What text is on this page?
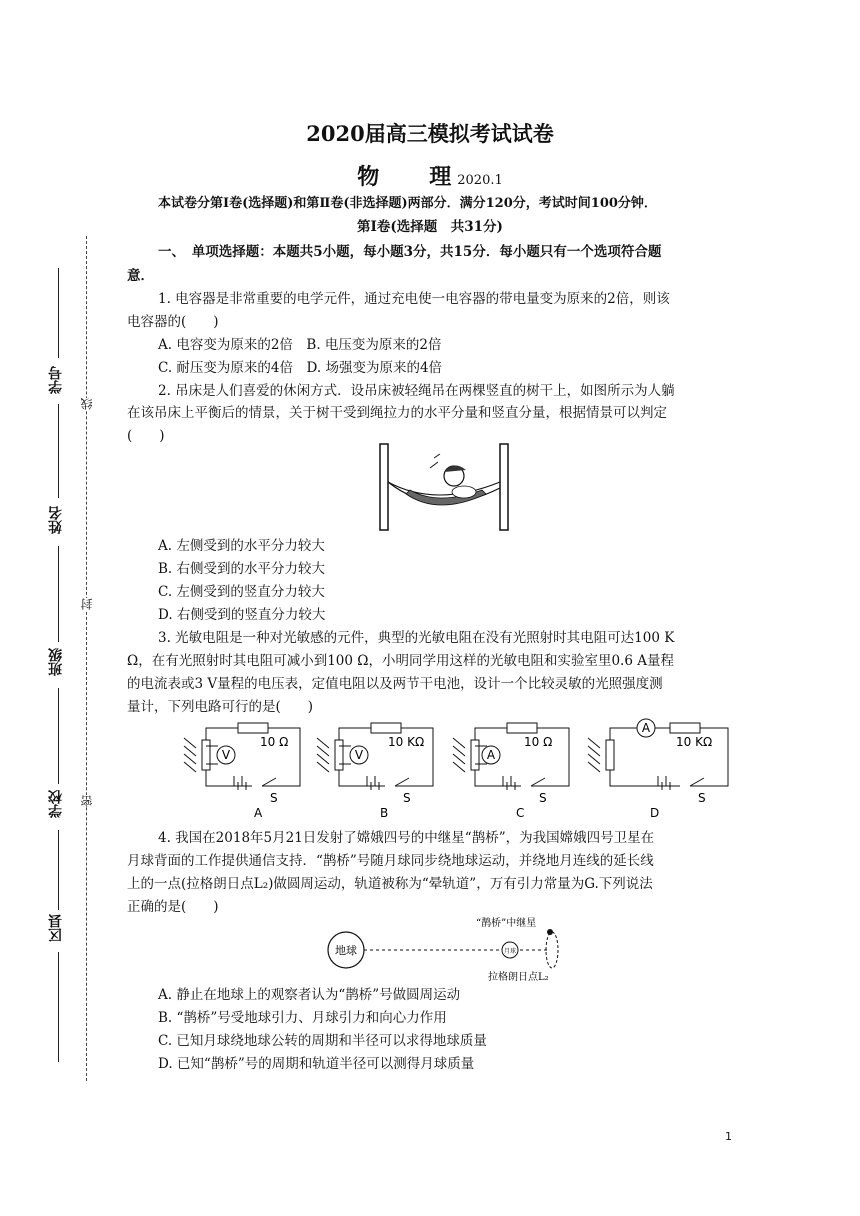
2020届高三模拟考试试卷
物　　理 2020.1
本试卷分第Ⅰ卷(选择题)和第Ⅱ卷(非选择题)两部分．满分120分，考试时间100分钟．
第Ⅰ卷(选择题　共31分)
一、　单项选择题：本题共5小题，每小题3分，共15分．每小题只有一个选项符合题
意．
1. 电容器是非常重要的电学元件，通过充电使一电容器的带电量变为原来的2倍，则该
电容器的(　　)
A. 电容变为原来的2倍　B. 电压变为原来的2倍
C. 耐压变为原来的4倍　D. 场强变为原来的4倍
2. 吊床是人们喜爱的休闲方式．设吊床被轻绳吊在两棵竖直的树干上，如图所示为人躺
在该吊床上平衡后的情景，关于树干受到绳拉力的水平分量和竖直分量，根据情景可以判定
(　　)
A. 左侧受到的水平分力较大
B. 右侧受到的水平分力较大
C. 左侧受到的竖直分力较大
D. 右侧受到的竖直分力较大
3. 光敏电阻是一种对光敏感的元件，典型的光敏电阻在没有光照射时其电阻可达100 K
Ω，在有光照射时其电阻可减小到100 Ω，小明同学用这样的光敏电阻和实验室里0.6 A量程
的电流表或3 V量程的电压表，定值电阻以及两节干电池，设计一个比较灵敏的光照强度测
量计，下列电路可行的是(　　)
10 Ω
V
S
A
10 KΩ
V
S
B
10 Ω
A
S
C
10 KΩ
A
S
D
4. 我国在2018年5月21日发射了嫦娥四号的中继星“鹊桥”，为我国嫦娥四号卫星在
月球背面的工作提供通信支持．“鹊桥”号随月球同步绕地球运动，并绕地月连线的延长线
上的一点(拉格朗日点L₂)做圆周运动，轨道被称为“晕轨道”，万有引力常量为G.下列说法
正确的是(　　)
地球	月球
“鹊桥”中继星
拉格朗日点L₂
A. 静止在地球上的观察者认为“鹊桥”号做圆周运动
B. “鹊桥”号受地球引力、月球引力和向心力作用
C. 已知月球绕地球公转的周期和半径可以求得地球质量
D. 已知“鹊桥”号的周期和轨道半径可以测得月球质量
学号
姓名
班级
学校
区县
线
封
密
1
